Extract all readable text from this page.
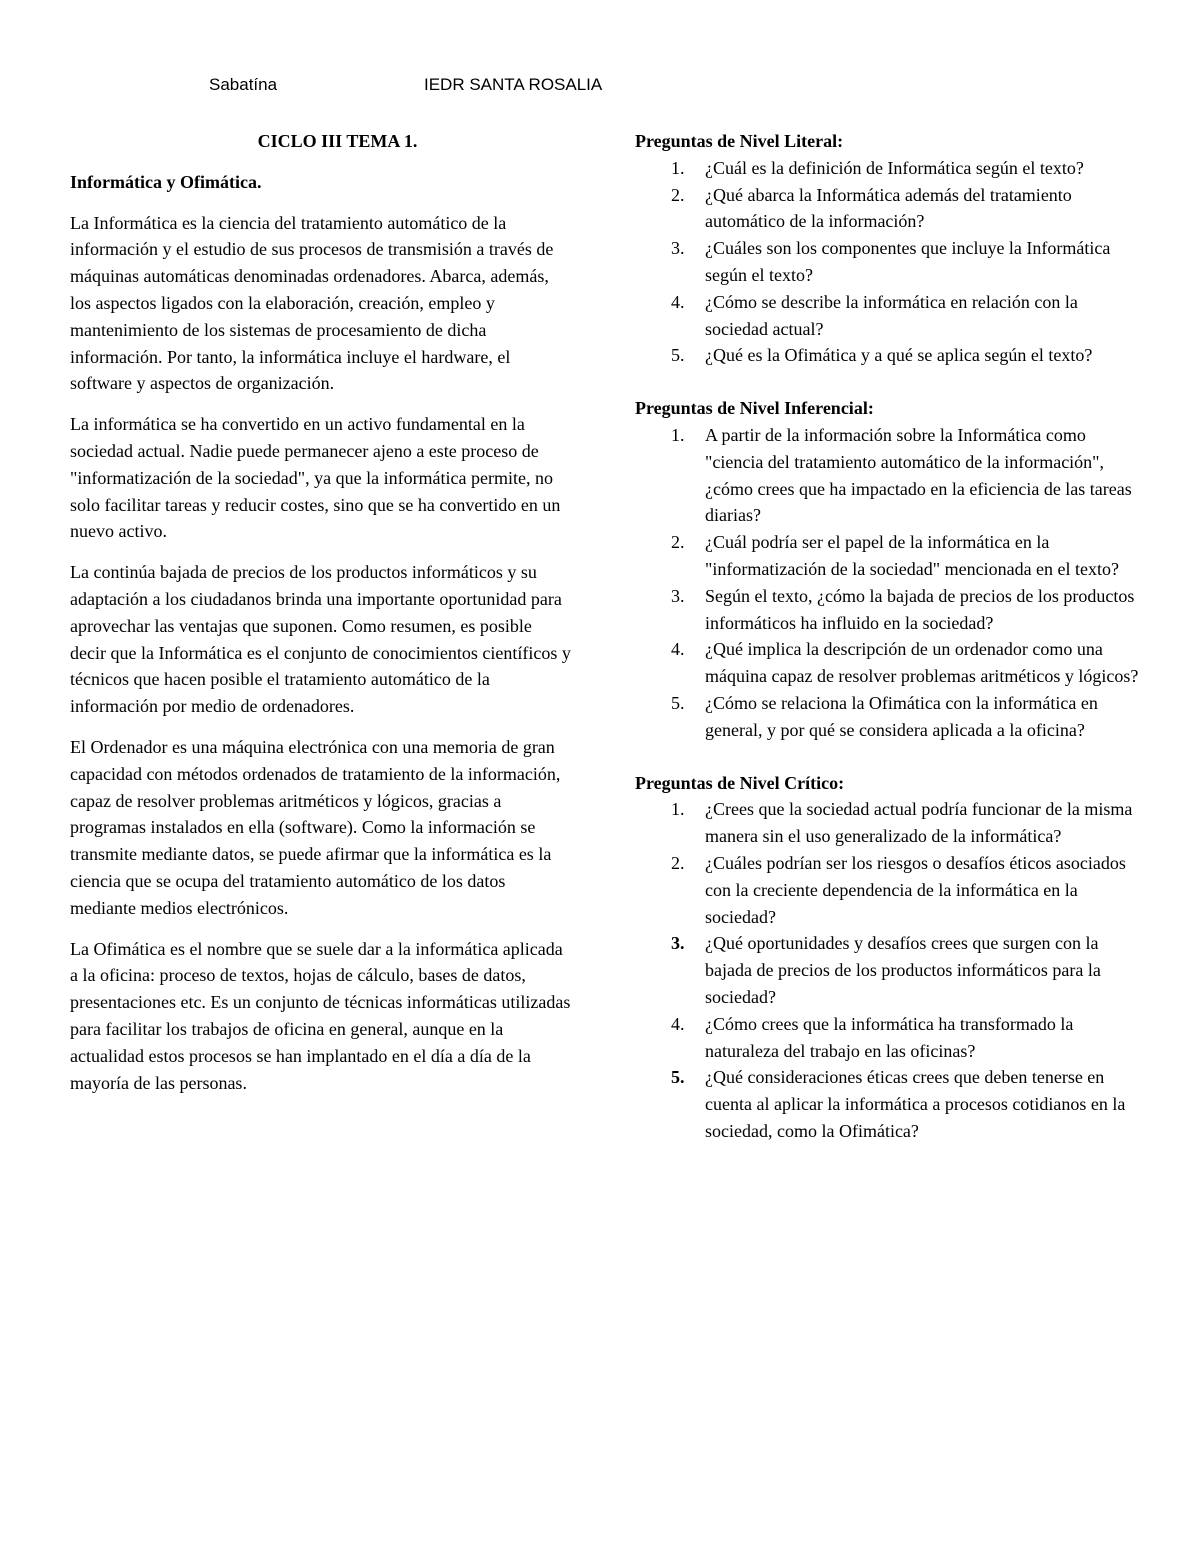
Sabatína	IEDR SANTA ROSALIA
CICLO III TEMA 1.
Informática y Ofimática.

La Informática es la ciencia del tratamiento automático de la información y el estudio de sus procesos de transmisión a través de máquinas automáticas denominadas ordenadores. Abarca, además, los aspectos ligados con la elaboración, creación, empleo y mantenimiento de los sistemas de procesamiento de dicha información. Por tanto, la informática incluye el hardware, el software y aspectos de organización.

La informática se ha convertido en un activo fundamental en la sociedad actual. Nadie puede permanecer ajeno a este proceso de "informatización de la sociedad", ya que la informática permite, no solo facilitar tareas y reducir costes, sino que se ha convertido en un nuevo activo.

La continúa bajada de precios de los productos informáticos y su adaptación a los ciudadanos brinda una importante oportunidad para aprovechar las ventajas que suponen. Como resumen, es posible decir que la Informática es el conjunto de conocimientos científicos y técnicos que hacen posible el tratamiento automático de la información por medio de ordenadores.

El Ordenador es una máquina electrónica con una memoria de gran capacidad con métodos ordenados de tratamiento de la información, capaz de resolver problemas aritméticos y lógicos, gracias a programas instalados en ella (software). Como la información se transmite mediante datos, se puede afirmar que la informática es la ciencia que se ocupa del tratamiento automático de los datos mediante medios electrónicos.

La Ofimática es el nombre que se suele dar a la informática aplicada a la oficina: proceso de textos, hojas de cálculo, bases de datos, presentaciones etc. Es un conjunto de técnicas informáticas utilizadas para facilitar los trabajos de oficina en general, aunque en la actualidad estos procesos se han implantado en el día a día de la mayoría de las personas.

Preguntas de Nivel Literal:
1. ¿Cuál es la definición de Informática según el texto?
2. ¿Qué abarca la Informática además del tratamiento automático de la información?
3. ¿Cuáles son los componentes que incluye la Informática según el texto?
4. ¿Cómo se describe la informática en relación con la sociedad actual?
5. ¿Qué es la Ofimática y a qué se aplica según el texto?
Preguntas de Nivel Inferencial:
1. A partir de la información sobre la Informática como "ciencia del tratamiento automático de la información", ¿cómo crees que ha impactado en la eficiencia de las tareas diarias?
2. ¿Cuál podría ser el papel de la informática en la "informatización de la sociedad" mencionada en el texto?
3. Según el texto, ¿cómo la bajada de precios de los productos informáticos ha influido en la sociedad?
4. ¿Qué implica la descripción de un ordenador como una máquina capaz de resolver problemas aritméticos y lógicos?
5. ¿Cómo se relaciona la Ofimática con la informática en general, y por qué se considera aplicada a la oficina?
Preguntas de Nivel Crítico:
1. ¿Crees que la sociedad actual podría funcionar de la misma manera sin el uso generalizado de la informática?
2. ¿Cuáles podrían ser los riesgos o desafíos éticos asociados con la creciente dependencia de la informática en la sociedad?
3. ¿Qué oportunidades y desafíos crees que surgen con la bajada de precios de los productos informáticos para la sociedad?
4. ¿Cómo crees que la informática ha transformado la naturaleza del trabajo en las oficinas?
5. ¿Qué consideraciones éticas crees que deben tenerse en cuenta al aplicar la informática a procesos cotidianos en la sociedad, como la Ofimática?
